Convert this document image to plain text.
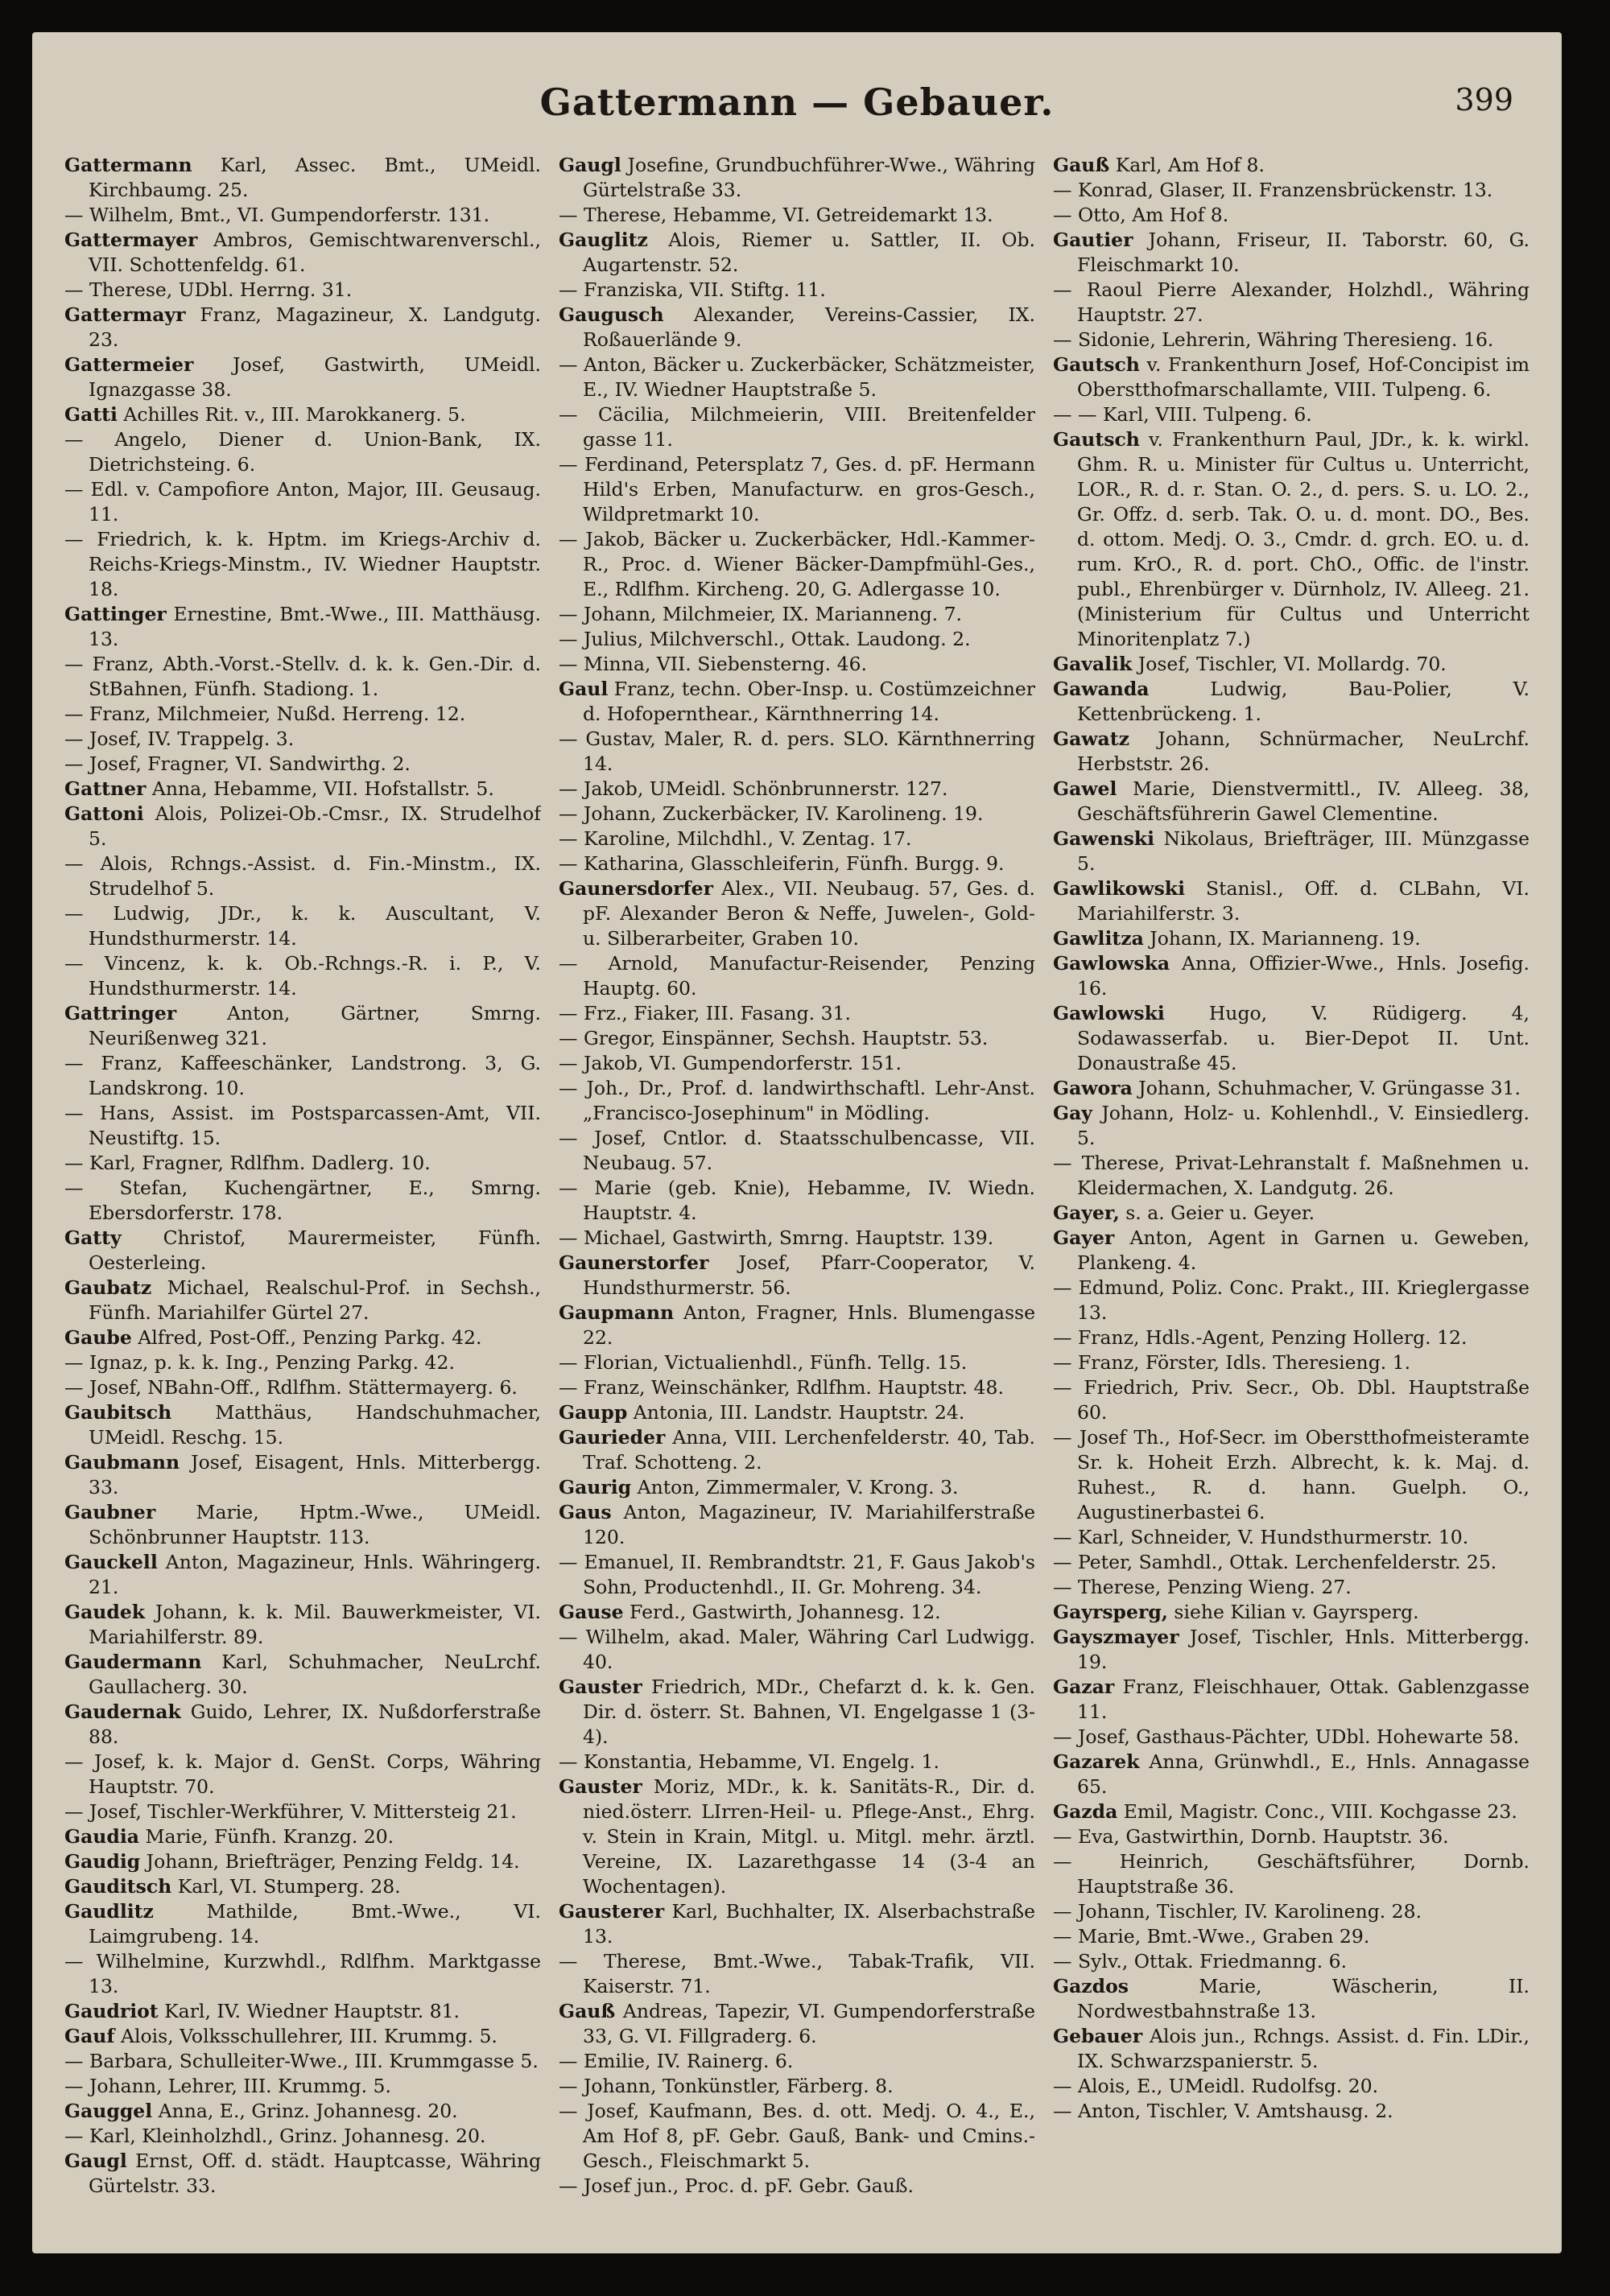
Gattermann — Gebauer.	399

Gattermann Karl, Assec. Bmt., UMeidl. Kirchbaumg. 25.

— Wilhelm, Bmt., VI. Gumpendorferstr. 131.

Gattermayer Ambros, Gemischtwarenverschl., VII. Schottenfeldg. 61.

— Therese, UDbl. Herrng. 31.

Gattermayr Franz, Magazineur, X. Landgutg. 23.

Gattermeier Josef, Gastwirth, UMeidl. Ignazgasse 38.

Gatti Achilles Rit. v., III. Marokkanerg. 5.

— Angelo, Diener d. Union-Bank, IX. Dietrichsteing. 6.

— Edl. v. Campofiore Anton, Major, III. Geusaug. 11.

— Friedrich, k. k. Hptm. im Kriegs-Archiv d. Reichs-Kriegs-Minstm., IV. Wiedner Hauptstr. 18.

Gattinger Ernestine, Bmt.-Wwe., III. Matthäusg. 13.

— Franz, Abth.-Vorst.-Stellv. d. k. k. Gen.-Dir. d. StBahnen, Fünfh. Stadiong. 1.

— Franz, Milchmeier, Nußd. Herreng. 12.

— Josef, IV. Trappelg. 3.

— Josef, Fragner, VI. Sandwirthg. 2.

Gattner Anna, Hebamme, VII. Hofstallstr. 5.

Gattoni Alois, Polizei-Ob.-Cmsr., IX. Strudelhof 5.

— Alois, Rchngs.-Assist. d. Fin.-Minstm., IX. Strudelhof 5.

— Ludwig, JDr., k. k. Auscultant, V. Hundsthurmerstr. 14.

— Vincenz, k. k. Ob.-Rchngs.-R. i. P., V. Hundsthurmerstr. 14.

Gattringer Anton, Gärtner, Smrng. Neurißenweg 321.

— Franz, Kaffeeschänker, Landstrong. 3, G. Landskrong. 10.

— Hans, Assist. im Postsparcassen-Amt, VII. Neustiftg. 15.

— Karl, Fragner, Rdlfhm. Dadlerg. 10.

— Stefan, Kuchengärtner, E., Smrng. Ebersdorferstr. 178.

Gatty Christof, Maurermeister, Fünfh. Oesterleing.

Gaubatz Michael, Realschul-Prof. in Sechsh., Fünfh. Mariahilfer Gürtel 27.

Gaube Alfred, Post-Off., Penzing Parkg. 42.

— Ignaz, p. k. k. Ing., Penzing Parkg. 42.

— Josef, NBahn-Off., Rdlfhm. Stättermayerg. 6.

Gaubitsch Matthäus, Handschuhmacher, UMeidl. Reschg. 15.

Gaubmann Josef, Eisagent, Hnls. Mitterbergg. 33.

Gaubner Marie, Hptm.-Wwe., UMeidl. Schönbrunner Hauptstr. 113.

Gauckell Anton, Magazineur, Hnls. Währingerg. 21.

Gaudek Johann, k. k. Mil. Bauwerkmeister, VI. Mariahilferstr. 89.

Gaudermann Karl, Schuhmacher, NeuLrchf. Gaullacherg. 30.

Gaudernak Guido, Lehrer, IX. Nußdorferstraße 88.

— Josef, k. k. Major d. GenSt. Corps, Währing Hauptstr. 70.

— Josef, Tischler-Werkführer, V. Mittersteig 21.

Gaudia Marie, Fünfh. Kranzg. 20.

Gaudig Johann, Briefträger, Penzing Feldg. 14.

Gauditsch Karl, VI. Stumperg. 28.

Gaudlitz Mathilde, Bmt.-Wwe., VI. Laimgrubeng. 14.

— Wilhelmine, Kurzwhdl., Rdlfhm. Marktgasse 13.

Gaudriot Karl, IV. Wiedner Hauptstr. 81.

Gauf Alois, Volksschullehrer, III. Krummg. 5.

— Barbara, Schulleiter-Wwe., III. Krummgasse 5.

— Johann, Lehrer, III. Krummg. 5.

Gauggel Anna, E., Grinz. Johannesg. 20.

— Karl, Kleinholzhdl., Grinz. Johannesg. 20.

Gaugl Ernst, Off. d. städt. Hauptcasse, Währing Gürtelstr. 33.

Gaugl Josefine, Grundbuchführer-Wwe., Währing Gürtelstraße 33.

— Therese, Hebamme, VI. Getreidemarkt 13.

Gauglitz Alois, Riemer u. Sattler, II. Ob. Augartenstr. 52.

— Franziska, VII. Stiftg. 11.

Gaugusch Alexander, Vereins-Cassier, IX. Roßauerlände 9.

— Anton, Bäcker u. Zuckerbäcker, Schätzmeister, E., IV. Wiedner Hauptstraße 5.

— Cäcilia, Milchmeierin, VIII. Breitenfelder gasse 11.

— Ferdinand, Petersplatz 7, Ges. d. pF. Hermann Hild's Erben, Manufacturw. en gros-Gesch., Wildpretmarkt 10.

— Jakob, Bäcker u. Zuckerbäcker, Hdl.-Kammer-R., Proc. d. Wiener Bäcker-Dampfmühl-Ges., E., Rdlfhm. Kircheng. 20, G. Adlergasse 10.

— Johann, Milchmeier, IX. Marianneng. 7.

— Julius, Milchverschl., Ottak. Laudong. 2.

— Minna, VII. Siebensterng. 46.

Gaul Franz, techn. Ober-Insp. u. Costümzeichner d. Hofopernthear., Kärnthnerring 14.

— Gustav, Maler, R. d. pers. SLO. Kärnthnerring 14.

— Jakob, UMeidl. Schönbrunnerstr. 127.

— Johann, Zuckerbäcker, IV. Karolineng. 19.

— Karoline, Milchdhl., V. Zentag. 17.

— Katharina, Glasschleiferin, Fünfh. Burgg. 9.

Gaunersdorfer Alex., VII. Neubaug. 57, Ges. d. pF. Alexander Beron & Neffe, Juwelen-, Gold- u. Silberarbeiter, Graben 10.

— Arnold, Manufactur-Reisender, Penzing Hauptg. 60.

— Frz., Fiaker, III. Fasang. 31.

— Gregor, Einspänner, Sechsh. Hauptstr. 53.

— Jakob, VI. Gumpendorferstr. 151.

— Joh., Dr., Prof. d. landwirthschaftl. Lehr-Anst. „Francisco-Josephinum" in Mödling.

— Josef, Cntlor. d. Staatsschulbencasse, VII. Neubaug. 57.

— Marie (geb. Knie), Hebamme, IV. Wiedn. Hauptstr. 4.

— Michael, Gastwirth, Smrng. Hauptstr. 139.

Gaunerstorfer Josef, Pfarr-Cooperator, V. Hundsthurmerstr. 56.

Gaupmann Anton, Fragner, Hnls. Blumengasse 22.

— Florian, Victualienhdl., Fünfh. Tellg. 15.

— Franz, Weinschänker, Rdlfhm. Hauptstr. 48.

Gaupp Antonia, III. Landstr. Hauptstr. 24.

Gaurieder Anna, VIII. Lerchenfelderstr. 40, Tab. Traf. Schotteng. 2.

Gaurig Anton, Zimmermaler, V. Krong. 3.

Gaus Anton, Magazineur, IV. Mariahilferstraße 120.

— Emanuel, II. Rembrandtstr. 21, F. Gaus Jakob's Sohn, Productenhdl., II. Gr. Mohreng. 34.

Gause Ferd., Gastwirth, Johannesg. 12.

— Wilhelm, akad. Maler, Währing Carl Ludwigg. 40.

Gauster Friedrich, MDr., Chefarzt d. k. k. Gen. Dir. d. österr. St. Bahnen, VI. Engelgasse 1 (3-4).

— Konstantia, Hebamme, VI. Engelg. 1.

Gauster Moriz, MDr., k. k. Sanitäts-R., Dir. d. nied.österr. LIrren-Heil- u. Pflege-Anst., Ehrg. v. Stein in Krain, Mitgl. u. Mitgl. mehr. ärztl. Vereine, IX. Lazarethgasse 14 (3-4 an Wochentagen).

Gausterer Karl, Buchhalter, IX. Alserbachstraße 13.

— Therese, Bmt.-Wwe., Tabak-Trafik, VII. Kaiserstr. 71.

Gauß Andreas, Tapezir, VI. Gumpendorferstraße 33, G. VI. Fillgraderg. 6.

— Emilie, IV. Rainerg. 6.

— Johann, Tonkünstler, Färberg. 8.

— Josef, Kaufmann, Bes. d. ott. Medj. O. 4., E., Am Hof 8, pF. Gebr. Gauß, Bank- und Cmins.-Gesch., Fleischmarkt 5.

— Josef jun., Proc. d. pF. Gebr. Gauß.

Gauß Karl, Am Hof 8.

— Konrad, Glaser, II. Franzensbrückenstr. 13.

— Otto, Am Hof 8.

Gautier Johann, Friseur, II. Taborstr. 60, G. Fleischmarkt 10.

— Raoul Pierre Alexander, Holzhdl., Währing Hauptstr. 27.

— Sidonie, Lehrerin, Währing Theresieng. 16.

Gautsch v. Frankenthurn Josef, Hof-Concipist im Oberstthofmarschallamte, VIII. Tulpeng. 6.

— — Karl, VIII. Tulpeng. 6.

Gautsch v. Frankenthurn Paul, JDr., k. k. wirkl. Ghm. R. u. Minister für Cultus u. Unterricht, LOR., R. d. r. Stan. O. 2., d. pers. S. u. LO. 2., Gr. Offz. d. serb. Tak. O. u. d. mont. DO., Bes. d. ottom. Medj. O. 3., Cmdr. d. grch. EO. u. d. rum. KrO., R. d. port. ChO., Offic. de l'instr. publ., Ehrenbürger v. Dürnholz, IV. Alleeg. 21. (Ministerium für Cultus und Unterricht Minoritenplatz 7.)

Gavalik Josef, Tischler, VI. Mollardg. 70.

Gawanda Ludwig, Bau-Polier, V. Kettenbrückeng. 1.

Gawatz Johann, Schnürmacher, NeuLrchf. Herbststr. 26.

Gawel Marie, Dienstvermittl., IV. Alleeg. 38, Geschäftsführerin Gawel Clementine.

Gawenski Nikolaus, Briefträger, III. Münzgasse 5.

Gawlikowski Stanisl., Off. d. CLBahn, VI. Mariahilferstr. 3.

Gawlitza Johann, IX. Marianneng. 19.

Gawlowska Anna, Offizier-Wwe., Hnls. Josefig. 16.

Gawlowski Hugo, V. Rüdigerg. 4, Sodawasserfab. u. Bier-Depot II. Unt. Donaustraße 45.

Gawora Johann, Schuhmacher, V. Grüngasse 31.

Gay Johann, Holz- u. Kohlenhdl., V. Einsiedlerg. 5.

— Therese, Privat-Lehranstalt f. Maßnehmen u. Kleidermachen, X. Landgutg. 26.

Gayer, s. a. Geier u. Geyer.

Gayer Anton, Agent in Garnen u. Geweben, Plankeng. 4.

— Edmund, Poliz. Conc. Prakt., III. Krieglergasse 13.

— Franz, Hdls.-Agent, Penzing Hollerg. 12.

— Franz, Förster, Idls. Theresieng. 1.

— Friedrich, Priv. Secr., Ob. Dbl. Hauptstraße 60.

— Josef Th., Hof-Secr. im Oberstthofmeisteramte Sr. k. Hoheit Erzh. Albrecht, k. k. Maj. d. Ruhest., R. d. hann. Guelph. O., Augustinerbastei 6.

— Karl, Schneider, V. Hundsthurmerstr. 10.

— Peter, Samhdl., Ottak. Lerchenfelderstr. 25.

— Therese, Penzing Wieng. 27.

Gayrsperg, siehe Kilian v. Gayrsperg.

Gayszmayer Josef, Tischler, Hnls. Mitterbergg. 19.

Gazar Franz, Fleischhauer, Ottak. Gablenzgasse 11.

— Josef, Gasthaus-Pächter, UDbl. Hohewarte 58.

Gazarek Anna, Grünwhdl., E., Hnls. Annagasse 65.

Gazda Emil, Magistr. Conc., VIII. Kochgasse 23.

— Eva, Gastwirthin, Dornb. Hauptstr. 36.

— Heinrich, Geschäftsführer, Dornb. Hauptstraße 36.

— Johann, Tischler, IV. Karolineng. 28.

— Marie, Bmt.-Wwe., Graben 29.

— Sylv., Ottak. Friedmanng. 6.

Gazdos Marie, Wäscherin, II. Nordwestbahnstraße 13.

Gebauer Alois jun., Rchngs. Assist. d. Fin. LDir., IX. Schwarzspanierstr. 5.

— Alois, E., UMeidl. Rudolfsg. 20.

— Anton, Tischler, V. Amtshausg. 2.
